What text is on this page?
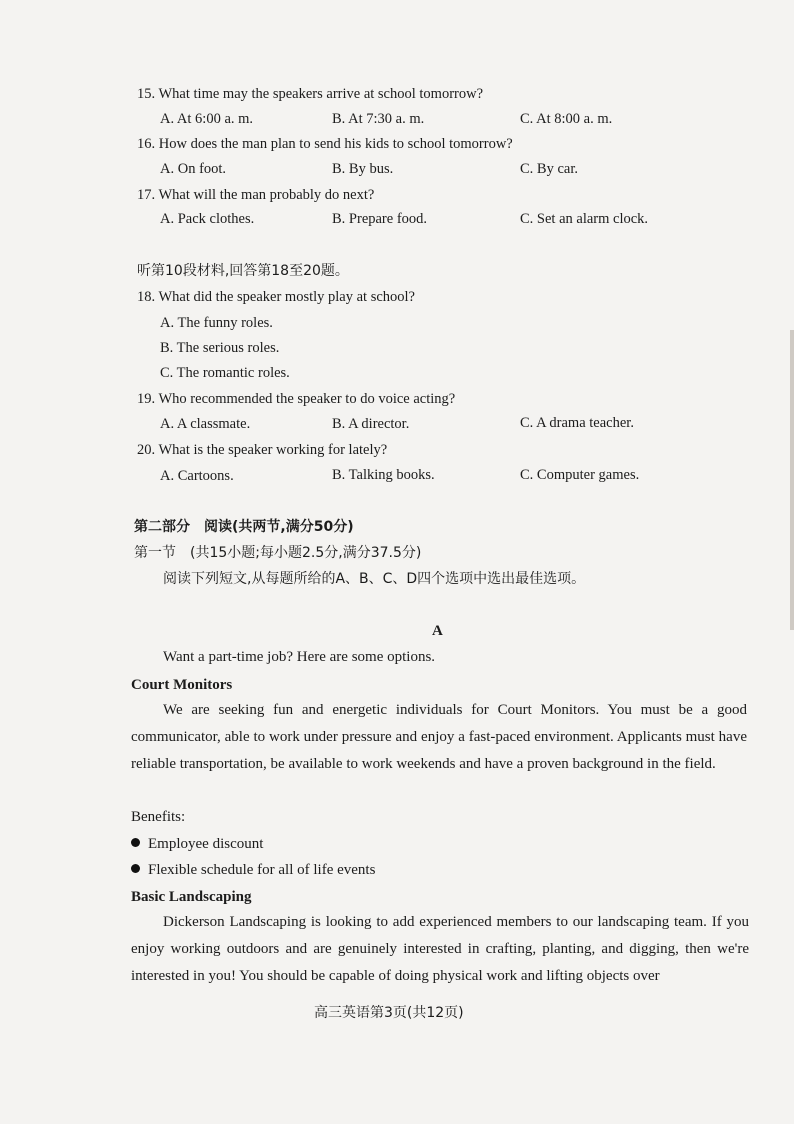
15. What time may the speakers arrive at school tomorrow?
A. At 6:00 a. m.	B. At 7:30 a. m.	C. At 8:00 a. m.
16. How does the man plan to send his kids to school tomorrow?
A. On foot.	B. By bus.	C. By car.
17. What will the man probably do next?
A. Pack clothes.	B. Prepare food.	C. Set an alarm clock.
听第10段材料,回答第18至20题。
18. What did the speaker mostly play at school?
A. The funny roles.
B. The serious roles.
C. The romantic roles.
19. Who recommended the speaker to do voice acting?
A. A classmate.	B. A director.	C. A drama teacher.
20. What is the speaker working for lately?
A. Cartoons.	B. Talking books.	C. Computer games.
第二部分　阅读(共两节,满分50分)
第一节　(共15小题;每小题2.5分,满分37.5分)
阅读下列短文,从每题所给的A、B、C、D四个选项中选出最佳选项。
A
Want a part-time job? Here are some options.
Court Monitors
We are seeking fun and energetic individuals for Court Monitors. You must be a good communicator, able to work under pressure and enjoy a fast-paced environment. Applicants must have reliable transportation, be available to work weekends and have a proven background in the field.
Benefits:
Employee discount
Flexible schedule for all of life events
Basic Landscaping
Dickerson Landscaping is looking to add experienced members to our landscaping team. If you enjoy working outdoors and are genuinely interested in crafting, planting, and digging, then we're interested in you! You should be capable of doing physical work and lifting objects over
高三英语第3页(共12页)
